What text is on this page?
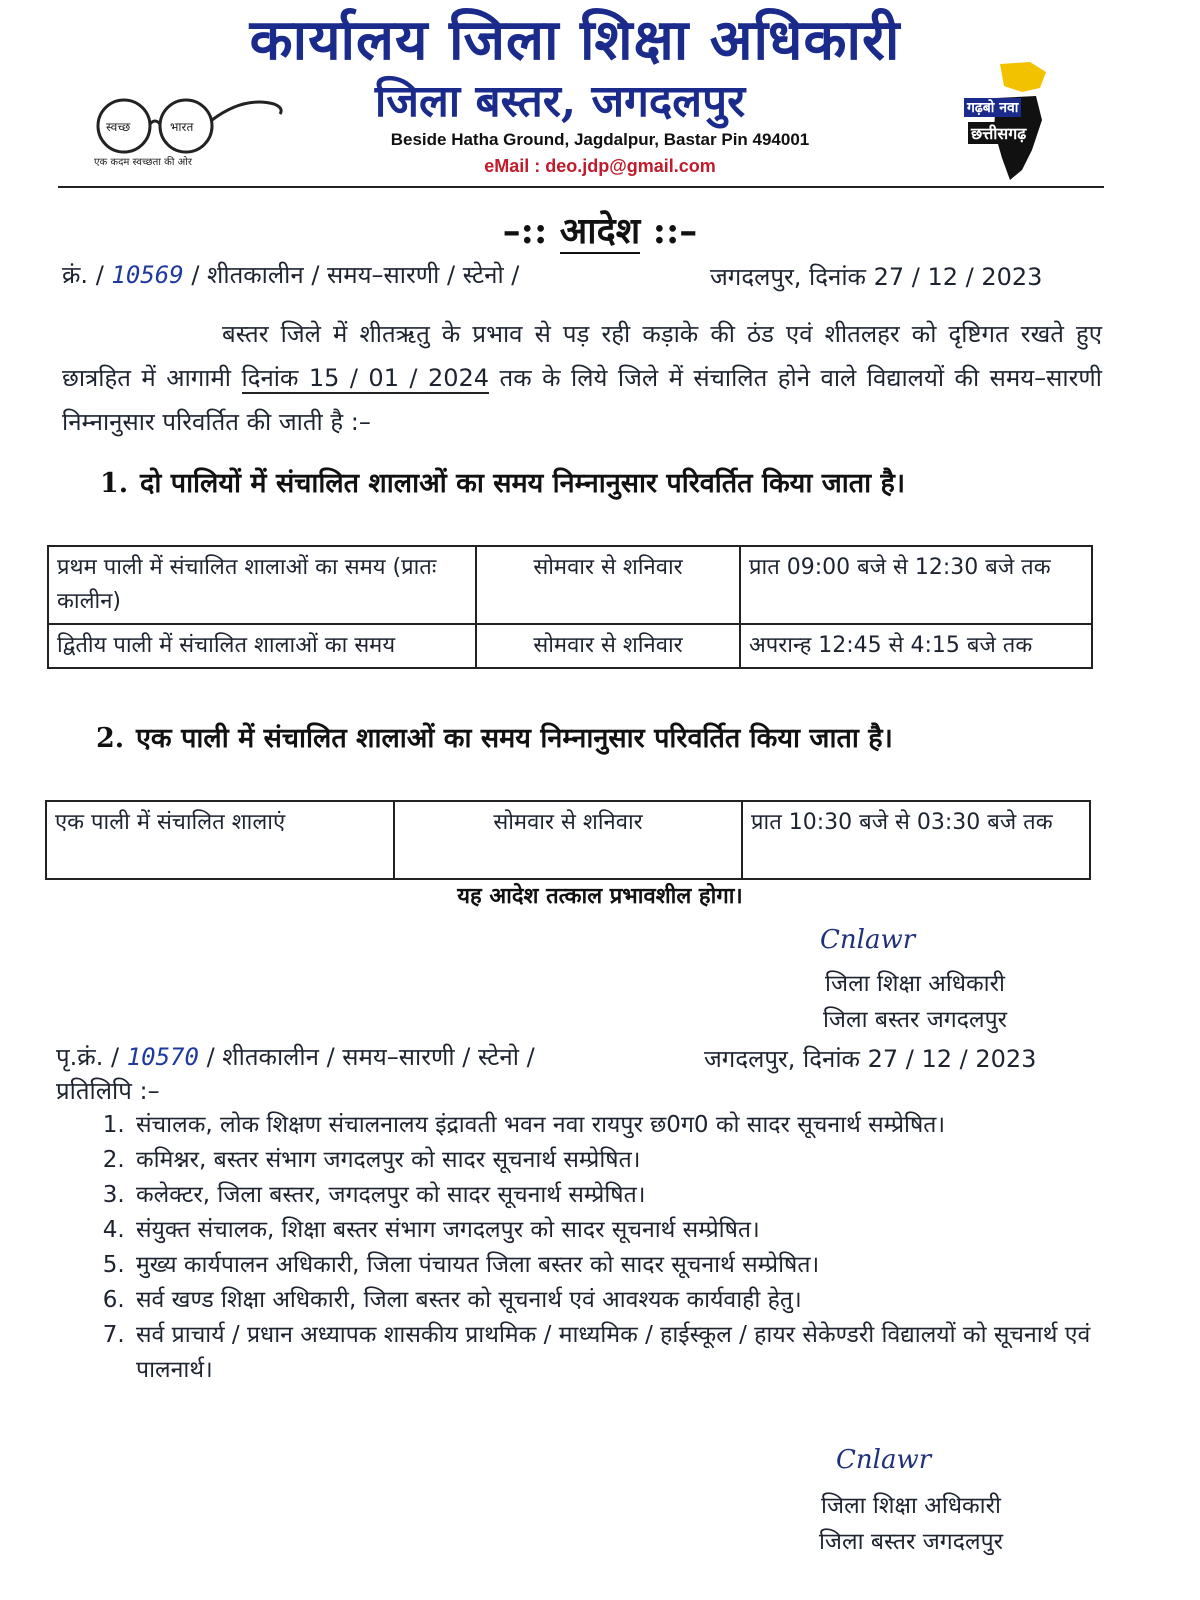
कार्यालय जिला शिक्षा अधिकारी
जिला बस्तर, जगदलपुर
Beside Hatha Ground, Jagdalpur, Bastar Pin 494001
eMail : deo.jdp@gmail.com
स्वच्छ	भारत
एक कदम स्वच्छता की ओर
गढ़बो नवा
छत्तीसगढ़
–:: आदेश ::–
क्रं. / 10569 / शीतकालीन / समय–सारणी / स्टेनो /	जगदलपुर, दिनांक 27 / 12 / 2023
बस्तर जिले में शीतऋतु के प्रभाव से पड़ रही कड़ाके की ठंड एवं शीतलहर को दृष्टिगत रखते हुए छात्रहित में आगामी दिनांक 15 / 01 / 2024 तक के लिये जिले में संचालित होने वाले विद्यालयों की समय–सारणी निम्नानुसार परिवर्तित की जाती है :–
1. दो पालियों में संचालित शालाओं का समय निम्नानुसार परिवर्तित किया जाता है।
प्रथम पाली में संचालित शालाओं का समय (प्रातः कालीन)	सोमवार से शनिवार	प्रात 09:00 बजे से 12:30 बजे तक
द्वितीय पाली में संचालित शालाओं का समय	सोमवार से शनिवार	अपरान्ह 12:45 से 4:15 बजे तक
2. एक पाली में संचालित शालाओं का समय निम्नानुसार परिवर्तित किया जाता है।
एक पाली में संचालित शालाएं	सोमवार से शनिवार	प्रात 10:30 बजे से 03:30 बजे तक
यह आदेश तत्काल प्रभावशील होगा।
Cnlawr
जिला शिक्षा अधिकारी
जिला बस्तर जगदलपुर
पृ.क्रं. / 10570 / शीतकालीन / समय–सारणी / स्टेनो /	जगदलपुर, दिनांक 27 / 12 / 2023
प्रतिलिपि :–
1. संचालक, लोक शिक्षण संचालनालय इंद्रावती भवन नवा रायपुर छ0ग0 को सादर सूचनार्थ सम्प्रेषित।
2. कमिश्नर, बस्तर संभाग जगदलपुर को सादर सूचनार्थ सम्प्रेषित।
3. कलेक्टर, जिला बस्तर, जगदलपुर को सादर सूचनार्थ सम्प्रेषित।
4. संयुक्त संचालक, शिक्षा बस्तर संभाग जगदलपुर को सादर सूचनार्थ सम्प्रेषित।
5. मुख्य कार्यपालन अधिकारी, जिला पंचायत जिला बस्तर को सादर सूचनार्थ सम्प्रेषित।
6. सर्व खण्ड शिक्षा अधिकारी, जिला बस्तर को सूचनार्थ एवं आवश्यक कार्यवाही हेतु।
7. सर्व प्राचार्य / प्रधान अध्यापक शासकीय प्राथमिक / माध्यमिक / हाईस्कूल / हायर सेकेण्डरी विद्यालयों को सूचनार्थ एवं पालनार्थ।
Cnlawr
जिला शिक्षा अधिकारी
जिला बस्तर जगदलपुर
